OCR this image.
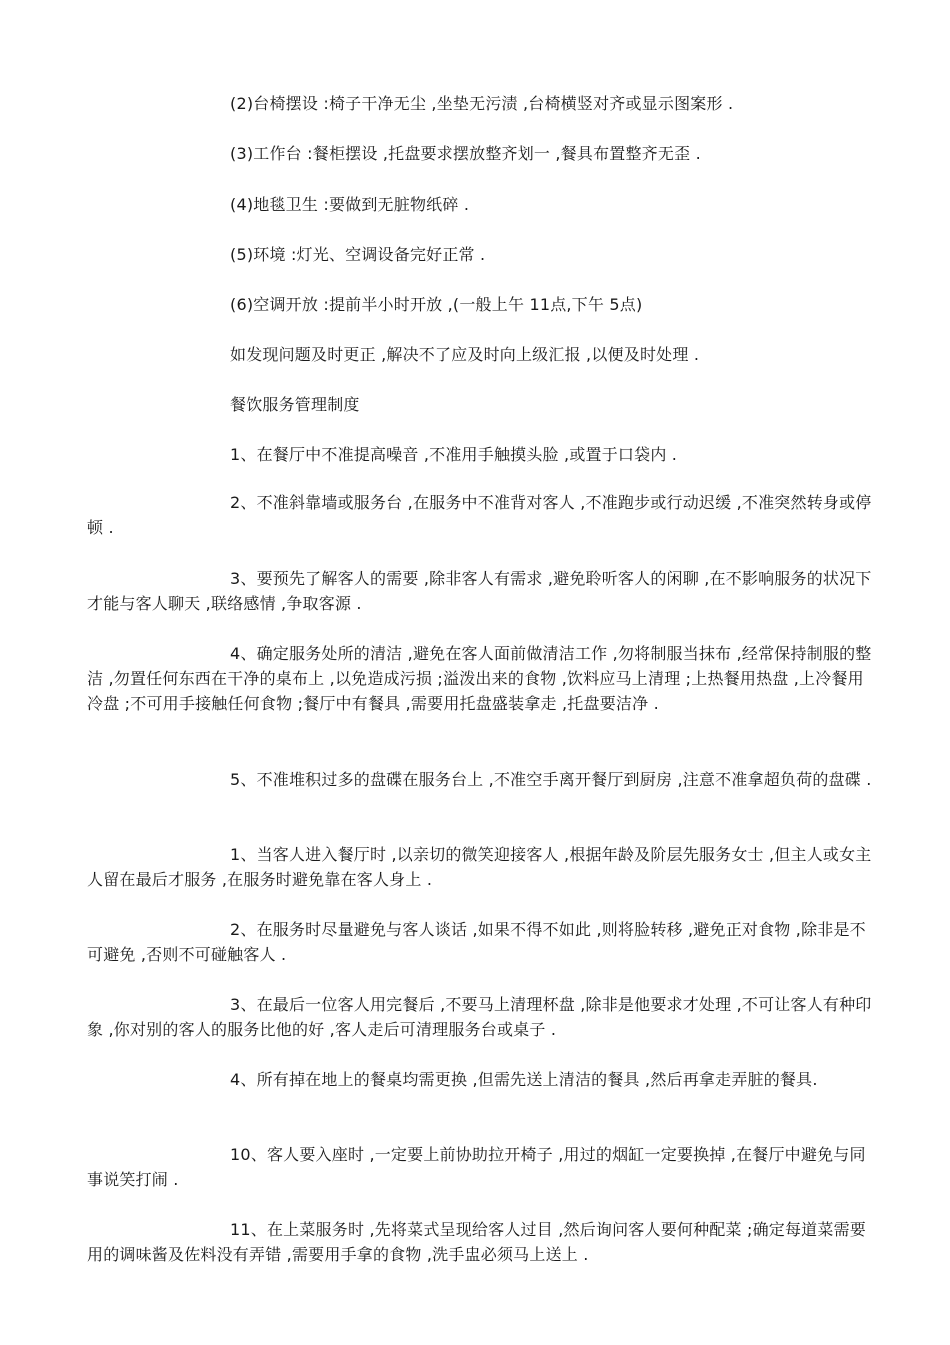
(2)台椅摆设 :椅子干净无尘 ,坐垫无污渍 ,台椅横竖对齐或显示图案形 .
(3)工作台 :餐柜摆设 ,托盘要求摆放整齐划一 ,餐具布置整齐无歪 .
(4)地毯卫生 :要做到无脏物纸碎 .
(5)环境 :灯光、空调设备完好正常 .
(6)空调开放 :提前半小时开放 ,(一般上午 11点,下午 5点)
如发现问题及时更正 ,解决不了应及时向上级汇报 ,以便及时处理 .
餐饮服务管理制度
1、在餐厅中不准提高噪音 ,不准用手触摸头脸 ,或置于口袋内 .
2、不准斜靠墙或服务台 ,在服务中不准背对客人 ,不准跑步或行动迟缓 ,不准突然转身或停顿 .
3、要预先了解客人的需要 ,除非客人有需求 ,避免聆听客人的闲聊 ,在不影响服务的状况下才能与客人聊天 ,联络感情 ,争取客源 .
4、确定服务处所的清洁 ,避免在客人面前做清洁工作 ,勿将制服当抹布 ,经常保持制服的整洁 ,勿置任何东西在干净的桌布上 ,以免造成污损 ;溢泼出来的食物 ,饮料应马上清理 ;上热餐用热盘 ,上冷餐用冷盘 ;不可用手接触任何食物 ;餐厅中有餐具 ,需要用托盘盛装拿走 ,托盘要洁净 .
5、不准堆积过多的盘碟在服务台上 ,不准空手离开餐厅到厨房 ,注意不准拿超负荷的盘碟 .
1、当客人进入餐厅时 ,以亲切的微笑迎接客人 ,根据年龄及阶层先服务女士 ,但主人或女主人留在最后才服务 ,在服务时避免靠在客人身上 .
2、在服务时尽量避免与客人谈话 ,如果不得不如此 ,则将脸转移 ,避免正对食物 ,除非是不可避免 ,否则不可碰触客人 .
3、在最后一位客人用完餐后 ,不要马上清理杯盘 ,除非是他要求才处理 ,不可让客人有种印象 ,你对别的客人的服务比他的好 ,客人走后可清理服务台或桌子 .
4、所有掉在地上的餐桌均需更换 ,但需先送上清洁的餐具 ,然后再拿走弄脏的餐具.
10、客人要入座时 ,一定要上前协助拉开椅子 ,用过的烟缸一定要换掉 ,在餐厅中避免与同事说笑打闹 .
11、在上菜服务时 ,先将菜式呈现给客人过目 ,然后询问客人要何种配菜 ;确定每道菜需要用的调味酱及佐料没有弄错 ,需要用手拿的食物 ,洗手盅必须马上送上 .
